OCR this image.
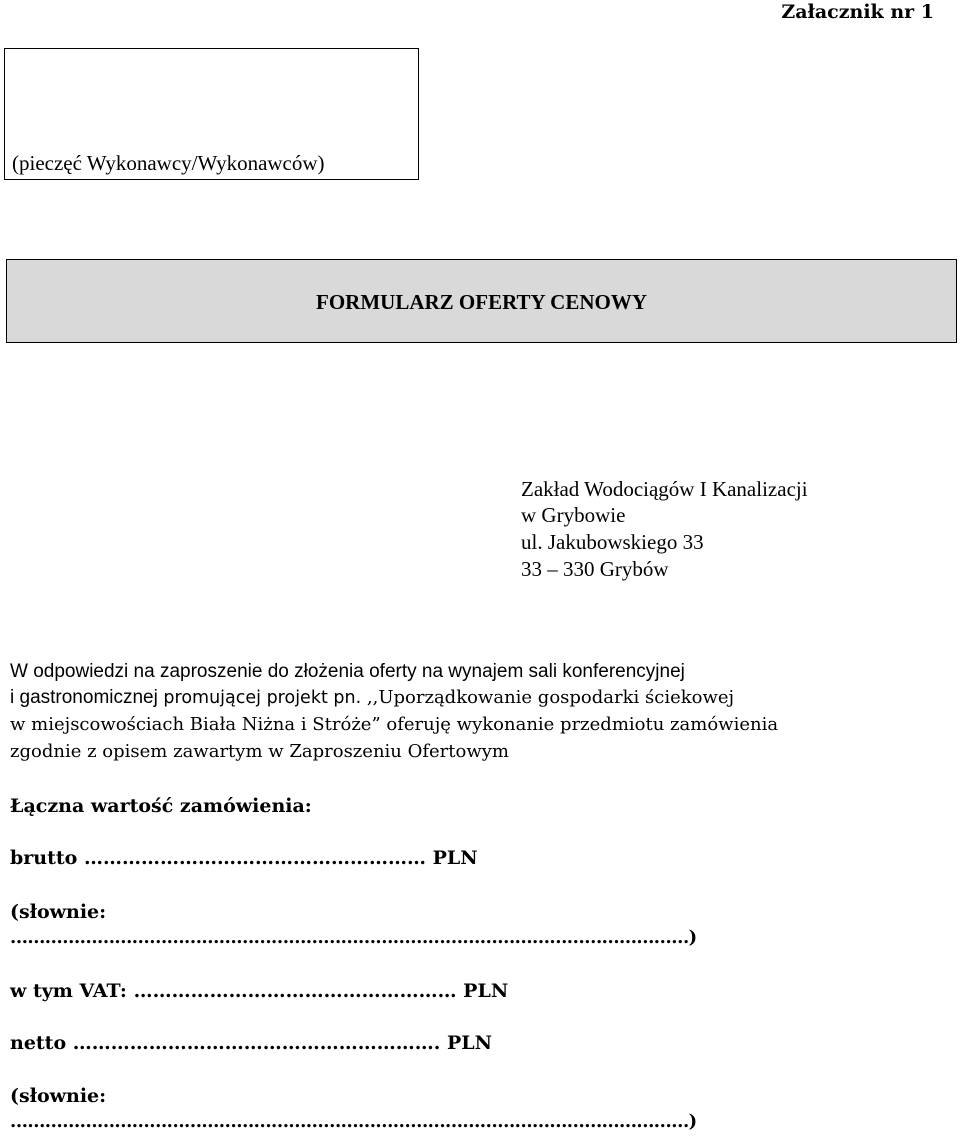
Załacznik nr 1
(pieczęć Wykonawcy/Wykonawców)
FORMULARZ OFERTY CENOWY
Zakład Wodociągów I Kanalizacji
w Grybowie
ul. Jakubowskiego 33
33 – 330 Grybów
W odpowiedzi na zaproszenie do złożenia oferty na wynajem sali konferencyjnej
i gastronomicznej promującej projekt pn. ,,Uporządkowanie gospodarki ściekowej
w miejscowościach Biała Niżna i Stróże” oferuję wykonanie przedmiotu zamówienia
zgodnie z opisem zawartym w Zaproszeniu Ofertowym
Łączna wartość zamówienia:
brutto ……………………………………………… PLN
(słownie:
………………………………………………………………………………………………………)
w tym VAT: …………………………………………… PLN
netto …………………………………………………. PLN
(słownie:
………………………………………………………………………………………………………)
